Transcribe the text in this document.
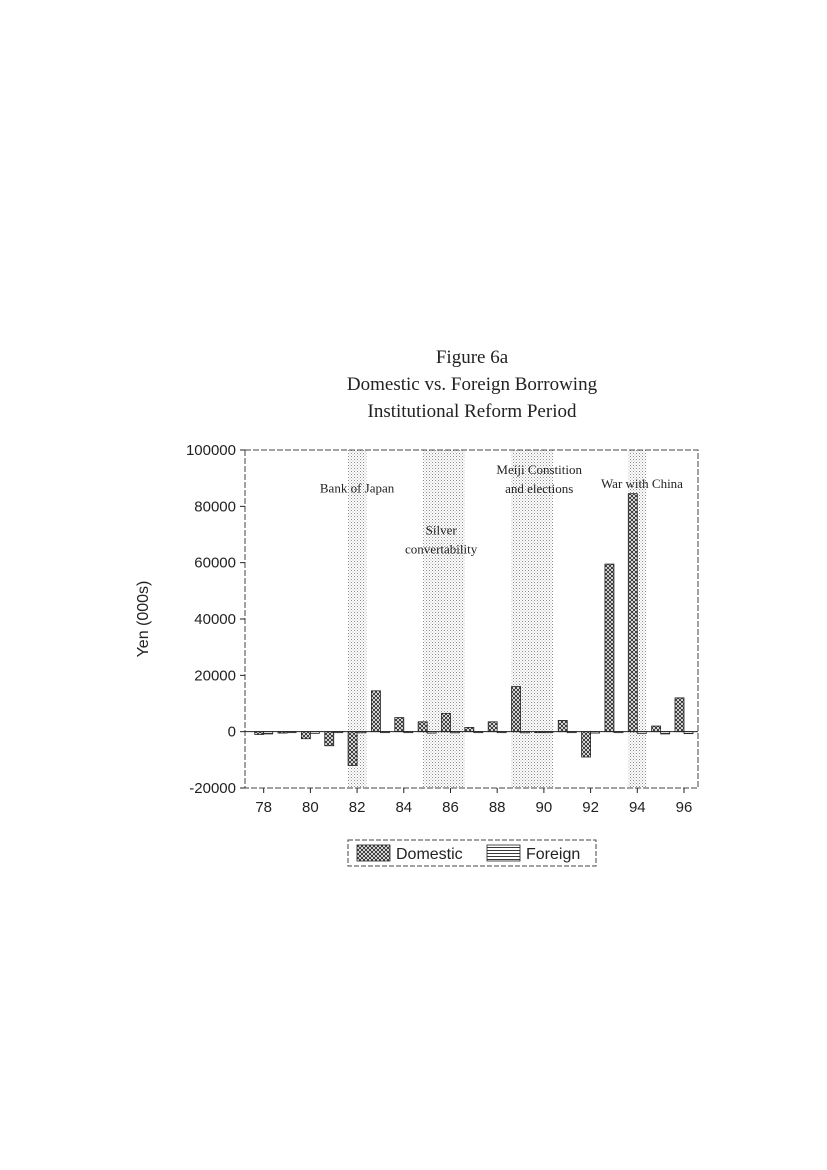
Figure 6a
Domestic vs. Foreign Borrowing
Institutional Reform Period
Bank of Japan
Silver
convertability
Meiji Constition
and elections War with China
-20000
0
20000
40000
60000
80000
100000
78 80 82 84 86 88 90 92 94 96
Yen (000s)
Domestic	Foreign
